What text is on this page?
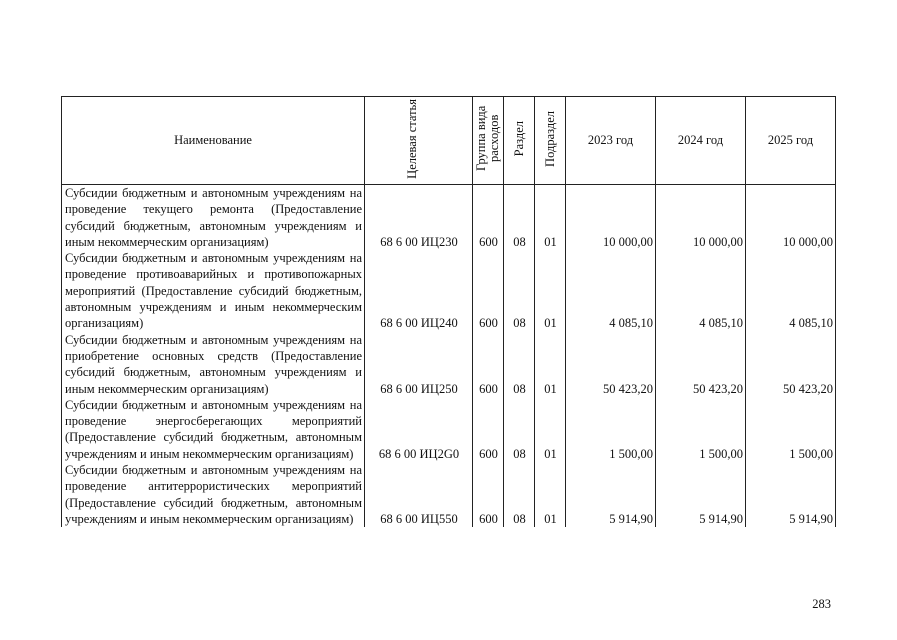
Наименование	Целевая статья	Группа вида расходов	Раздел	Подраздел	2023 год	2024 год	2025 год
Субсидии бюджетным и автономным учреждениям на проведение текущего ремонта (Предоставление субсидий бюджетным, автономным учреждениям и иным некоммерческим организациям)	68 6 00 ИЦ230	600	08	01	10 000,00	10 000,00	10 000,00
Субсидии бюджетным и автономным учреждениям на проведение противоаварийных и противопожарных мероприятий (Предоставление субсидий бюджетным, автономным учреждениям и иным некоммерческим организациям)	68 6 00 ИЦ240	600	08	01	4 085,10	4 085,10	4 085,10
Субсидии бюджетным и автономным учреждениям на приобретение основных средств (Предоставление субсидий бюджетным, автономным учреждениям и иным некоммерческим организациям)	68 6 00 ИЦ250	600	08	01	50 423,20	50 423,20	50 423,20
Субсидии бюджетным и автономным учреждениям на проведение энергосберегающих мероприятий (Предоставление субсидий бюджетным, автономным учреждениям и иным некоммерческим организациям)	68 6 00 ИЦ2G0	600	08	01	1 500,00	1 500,00	1 500,00
Субсидии бюджетным и автономным учреждениям на проведение антитеррористических мероприятий (Предоставление субсидий бюджетным, автономным учреждениям и иным некоммерческим организациям)	68 6 00 ИЦ550	600	08	01	5 914,90	5 914,90	5 914,90
283
